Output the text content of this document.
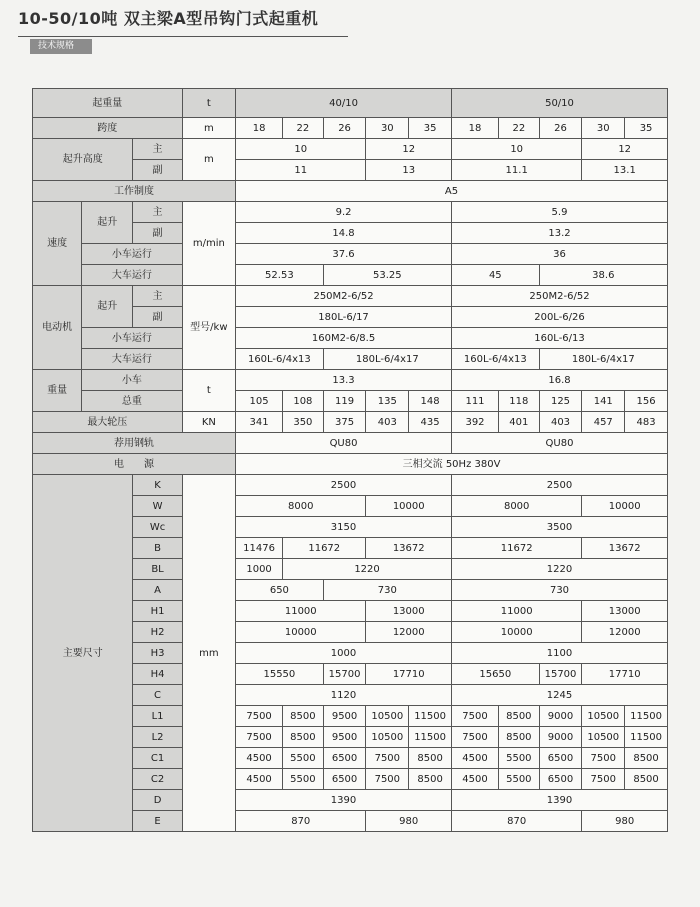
10-50/10吨 双主梁A型吊钩门式起重机
技术规格
起重量			t	40/10					50/10				
跨度			m	18	22	26	30	35	18	22	26	30	35
起升高度		主	m	10			12		10			12	
		副		11			13		11.1			13.1	
工作制度				A5									
速度	起升	主	m/min	9.2					5.9				
		副		14.8					13.2				
	小车运行			37.6					36				
	大车运行			52.53		53.25			45		38.6		
电动机	起升	主	型号/kw	250M2-6/52					250M2-6/52				
		副		180L-6/17					200L-6/26				
	小车运行			160M2-6/8.5					160L-6/13				
	大车运行			160L-6/4x13		180L-6/4x17			160L-6/4x13		180L-6/4x17		
重量	小车		t	13.3					16.8				
	总重			105	108	119	135	148	111	118	125	141	156
最大轮压			KN	341	350	375	403	435	392	401	403	457	483
荐用钢轨				QU80					QU80				
电　　源				三相交流 50Hz 380V									
主要尺寸		K	mm	2500					2500				
		W		8000			10000		8000			10000	
		Wc		3150					3500				
		B		11476	11672		13672		11672			13672	
		BL		1000	1220				1220				
		A		650		730			730				
		H1		11000			13000		11000			13000	
		H2		10000			12000		10000			12000	
		H3		1000					1100				
		H4		15550		15700	17710		15650		15700	17710	
		C		1120					1245				
		L1		7500	8500	9500	10500	11500	7500	8500	9000	10500	11500
		L2		7500	8500	9500	10500	11500	7500	8500	9000	10500	11500
		C1		4500	5500	6500	7500	8500	4500	5500	6500	7500	8500
		C2		4500	5500	6500	7500	8500	4500	5500	6500	7500	8500
		D		1390					1390				
		E		870			980		870			980	
